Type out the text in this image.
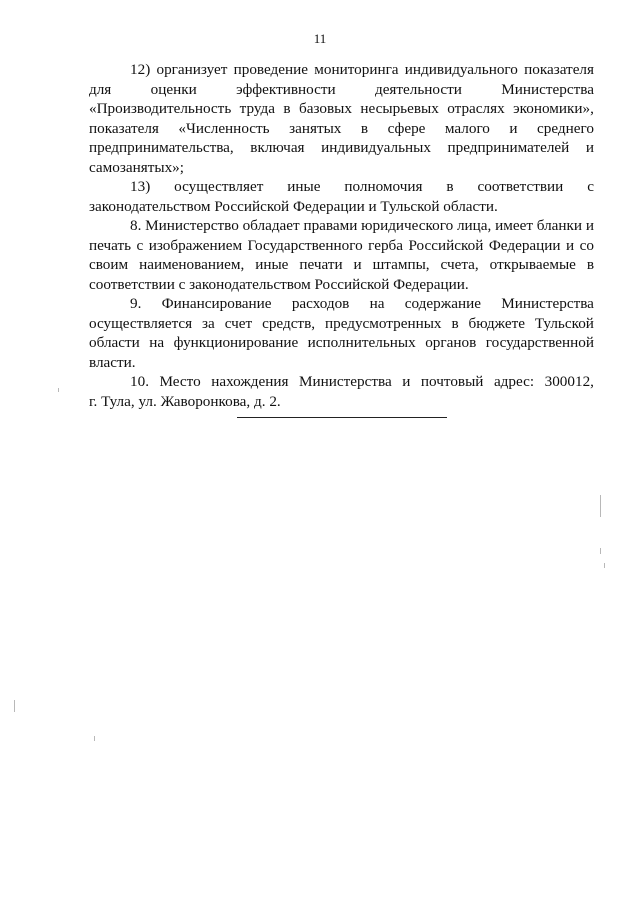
11
12) организует проведение мониторинга индивидуального показателя
для	оценки	эффективности	деятельности	Министерства
«Производительность труда в базовых несырьевых отраслях экономики»,
показателя «Численность занятых в сфере малого и среднего
предпринимательства, включая индивидуальных предпринимателей и
самозанятых»;
13) осуществляет иные полномочия в соответствии с
законодательством Российской Федерации и Тульской области.
8. Министерство обладает правами юридического лица, имеет бланки и
печать с изображением Государственного герба Российской Федерации и со
своим наименованием, иные печати и штампы, счета, открываемые в
соответствии с законодательством Российской Федерации.
9. Финансирование расходов на содержание Министерства
осуществляется за счет средств, предусмотренных в бюджете Тульской
области на функционирование исполнительных органов государственной
власти.
10. Место нахождения Министерства и почтовый адрес: 300012,
г. Тула, ул. Жаворонкова, д. 2.
